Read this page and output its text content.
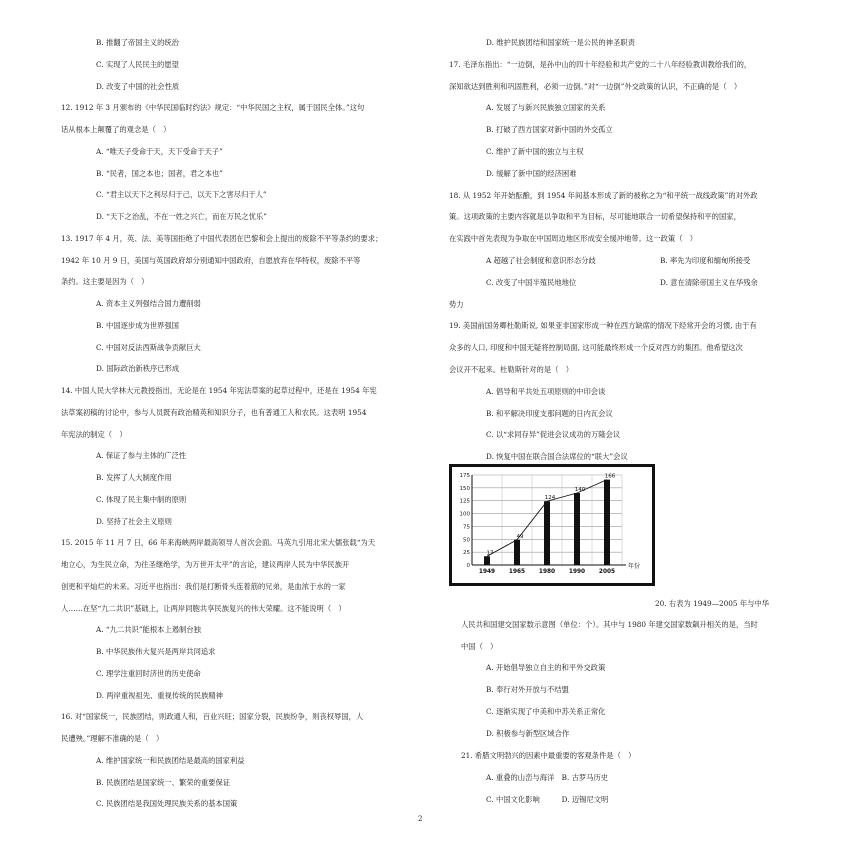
B. 推翻了帝国主义的统治
C. 实现了人民民主的愿望
D. 改变了中国的社会性质
12. 1912 年 3 月颁布的《中华民国临时约法》规定：“中华民国之主权，属于国民全体。”这句
话从根本上颠覆了的观念是（　）
A. “唯天子受命于天，天下受命于天子”
B. “民者，国之本也；国者，君之本也”
C. “君主以天下之利尽归于己，以天下之害尽归于人”
D. “天下之治乱，不在一姓之兴亡，而在万民之忧乐”
13. 1917 年 4 月，英、法、美等国拒绝了中国代表团在巴黎和会上提出的废除不平等条约的要求；
1942 年 10 月 9 日，美国与英国政府却分别通知中国政府，自愿放弃在华特权，废除不平等
条约。这主要是因为（　）
A. 资本主义列强结合国力遭削弱
B. 中国逐步成为世界强国
C. 中国对反法西斯战争贡献巨大
D. 国际政治新秩序已形成
14. 中国人民大学林大元教授指出，无论是在 1954 年宪法草案的起草过程中，还是在 1954 年宪
法草案初稿的讨论中，参与人员既有政治精英和知识分子，也有普通工人和农民。这表明 1954
年宪法的制定（　）
A. 保证了参与主体的广泛性
B. 发挥了人大制度作用
C. 体现了民主集中制的原则
D. 坚持了社会主义原则
15. 2015 年 11 月 7 日，66 年来海峡两岸最高领导人首次会面。马英九引用北宋大儒张载“为天
地立心，为生民立命，为往圣继绝学，为万世开太平”的言论，建议两岸人民为中华民族开
创更和平灿烂的未来。习近平也指出：我们是打断骨头连着筋的兄弟，是血浓于水的一家
人……在坚“九二共识”基础上，让两岸同胞共享民族复兴的伟大荣耀。这不能说明（　）
A. “九二共识”能根本上遏制台独
B. 中华民族伟大复兴是两岸共同追求
C. 理学注重回时济世的历史使命
D. 两岸重视祖先、重视传统的民族精神
16. 对“国家统一，民族团结，则政通人和，百业兴旺；国家分裂，民族纷争，则丧权辱国，人
民遭殃。”理解不准确的是（　）
A. 维护国家统一和民族团结是最高的国家利益
B. 民族团结是国家统一、繁荣的重要保证
C. 民族团结是我国处理民族关系的基本国策
D. 维护民族团结和国家统一是公民的神圣职责
17. 毛泽东指出：“一边倒，是孙中山的四十年经验和共产党的二十八年经验教训教给我们的，
深知欲达到胜利和巩固胜利，必须一边倒。”对“一边倒”外交政策的认识，不正确的是（　）
A. 发展了与新兴民族独立国家的关系
B. 打破了西方国家对新中国的外交孤立
C. 维护了新中国的独立与主权
D. 缓解了新中国的经济困难
18. 从 1952 年开始酝酿，到 1954 年间基本形成了新的被称之为“和平统一战线政策”的对外政
策。这项政策的主要内容就是以争取和平为目标，尽可能地联合一切希望保持和平的国家，
在实践中首先表现为争取在中国周边地区形成安全缓冲地带。这一政策（　）
A 超越了社会制度和意识形态分歧	B. 率先为印度和缅甸所接受
C. 改变了中国半殖民地地位	D. 意在清除帝国主义在华残余
势力
19. 美国前国务卿杜勒斯说, 如果亚非国家形成一种在西方缺席的情况下经常开会的习惯, 由于有
众多的人口, 印度和中国无疑将控制局面, 这可能最终形成一个反对西方的集团。他希望这次
会议开不起来。杜勒斯针对的是（　）
A. 倡导和平共处五项原则的中印会谈
B. 和平解决印度支那问题的日内瓦会议
C. 以“求同存异”促进会议成功的万隆会议
D. 恢复中国在联合国合法席位的“联大”会议
20. 右表为 1949—2005 年与中华
人民共和国建交国家数示意图（单位：个）。其中与 1980 年建交国家数飙升相关的是，当时
中国（　）
A. 开始倡导独立自主的和平外交政策
B. 奉行对外开放与不结盟
C. 逐渐实现了中美和中苏关系正常化
D. 积极参与新型区域合作
21. 希腊文明勃兴的因素中最重要的客观条件是（　）
A. 重叠的山峦与海洋　B. 古罗马历史
C. 中国文化影响　　　D. 迈锡尼文明
0
25
50
75
100
125
150
175
17
1949
49
1965
124
1980
140
1990
166
2005
年份
2
